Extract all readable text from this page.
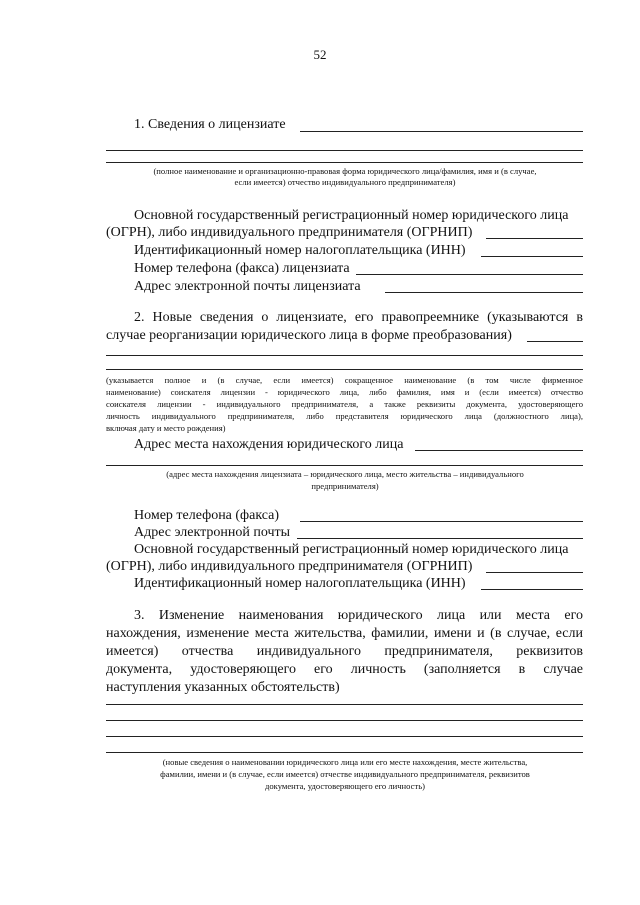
52
1. Сведения о лицензиате
(полное наименование и организационно-правовая форма юридического лица/фамилия, имя и (в случае,
если имеется) отчество индивидуального предпринимателя)
Основной государственный регистрационный номер юридического лица
(ОГРН), либо индивидуального предпринимателя (ОГРНИП)
Идентификационный номер налогоплательщика (ИНН)
Номер телефона (факса) лицензиата
Адрес электронной почты лицензиата
2. Новые сведения о лицензиате, его правопреемнике (указываются в
случае реорганизации юридического лица в форме преобразования)
(указывается полное и (в случае, если имеется) сокращенное наименование (в том числе фирменное
наименование) соискателя лицензии - юридического лица, либо фамилия, имя и (если имеется) отчество
соискателя лицензии - индивидуального предпринимателя, а также реквизиты документа, удостоверяющего
личность индивидуального предпринимателя, либо представителя юридического лица (должностного лица),
включая дату и место рождения)
Адрес места нахождения юридического лица
(адрес места нахождения лицензиата – юридического лица, место жительства – индивидуального
предпринимателя)
Номер телефона (факса)
Адрес электронной почты
Основной государственный регистрационный номер юридического лица
(ОГРН), либо индивидуального предпринимателя (ОГРНИП)
Идентификационный номер налогоплательщика (ИНН)
3. Изменение наименования юридического лица или места его
нахождения, изменение места жительства, фамилии, имени и (в случае, если
имеется) отчества индивидуального предпринимателя, реквизитов
документа, удостоверяющего его личность (заполняется в случае
наступления указанных обстоятельств)
(новые сведения о наименовании юридического лица или его месте нахождения, месте жительства,
фамилии, имени и (в случае, если имеется) отчестве индивидуального предпринимателя, реквизитов
документа, удостоверяющего его личность)
